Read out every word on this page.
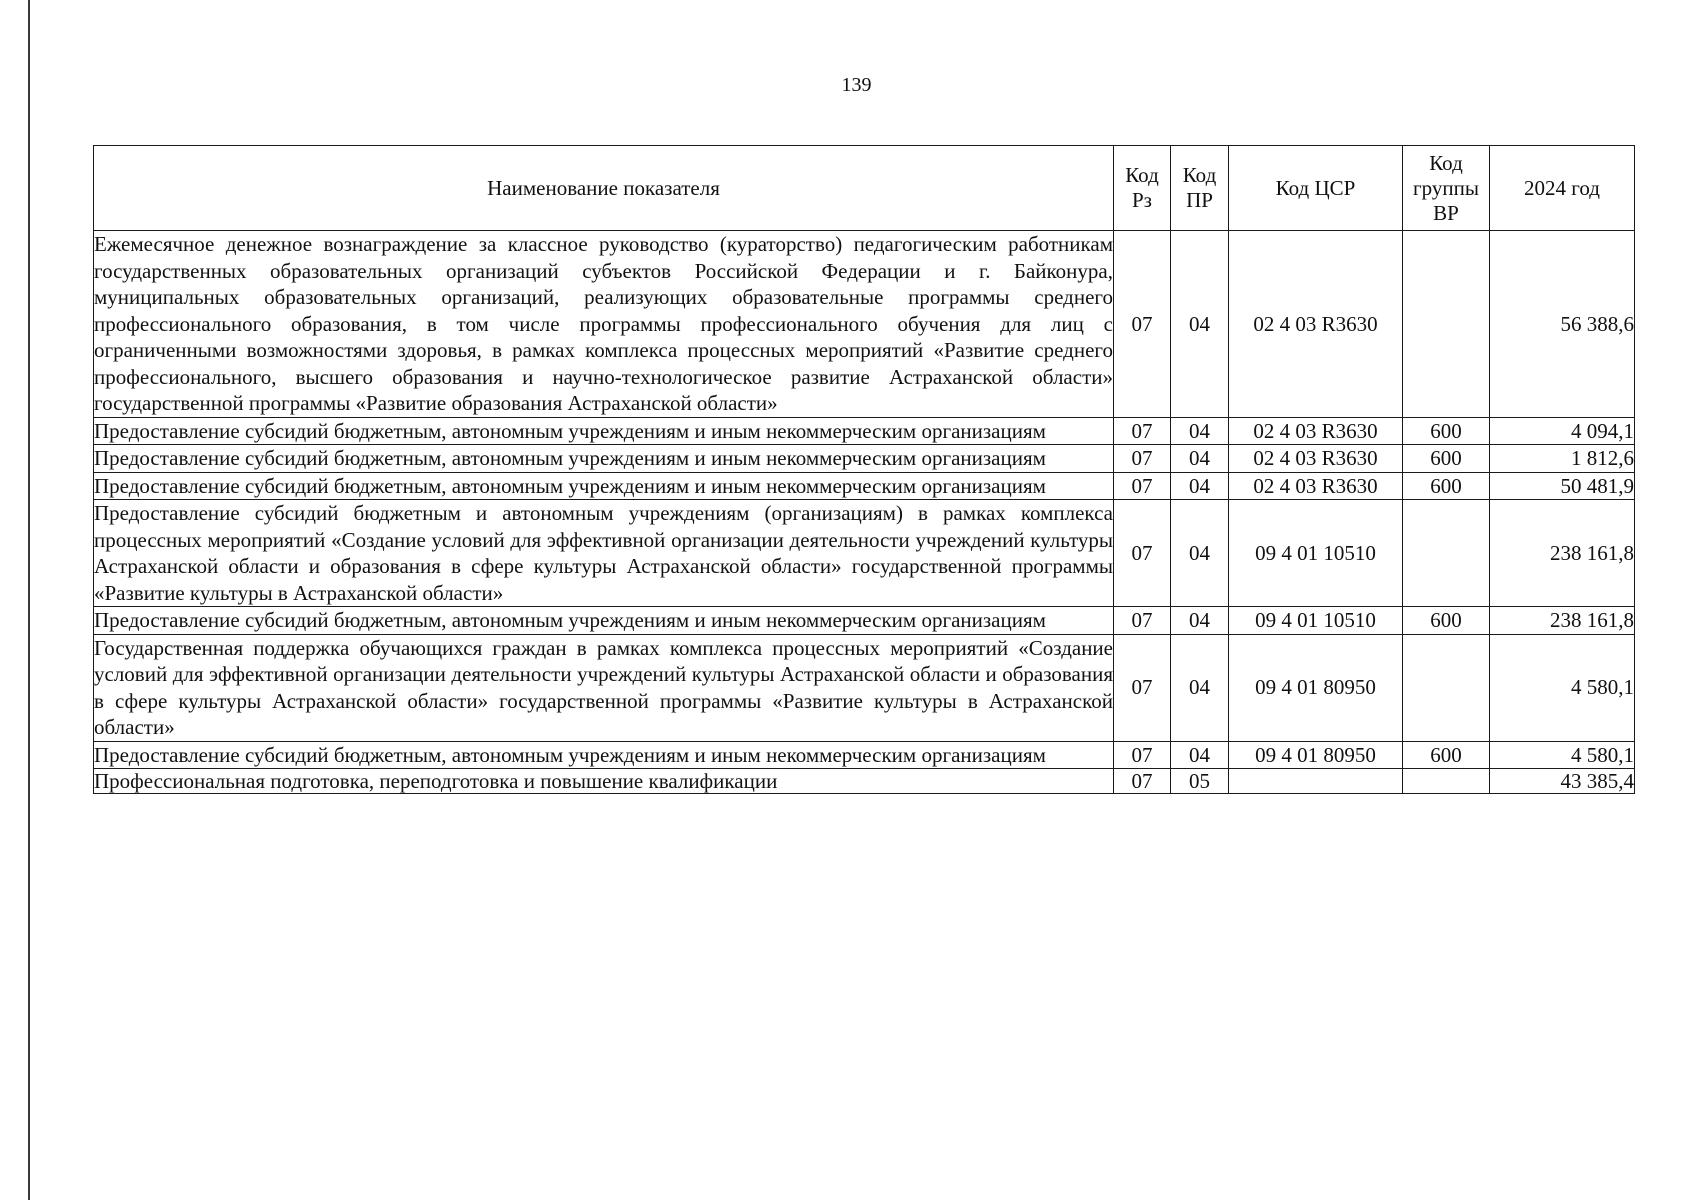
139
Наименование показателя	Код Рз	Код ПР	Код ЦСР	Код группы ВР	2024 год
Ежемесячное денежное вознаграждение за классное руководство (кураторство) педагогическим работникам государственных образовательных организаций субъектов Российской Федерации и г. Байконура, муниципальных образовательных организаций, реализующих образовательные программы среднего профессионального образования, в том числе программы профессионального обучения для лиц с ограниченными возможностями здоровья, в рамках комплекса процессных мероприятий «Развитие среднего профессионального, высшего образования и научно-технологическое развитие Астраханской области» государственной программы «Развитие образования Астраханской области»	07	04	02 4 03 R3630		56 388,6
Предоставление субсидий бюджетным, автономным учреждениям и иным некоммерческим организациям	07	04	02 4 03 R3630	600	4 094,1
Предоставление субсидий бюджетным, автономным учреждениям и иным некоммерческим организациям	07	04	02 4 03 R3630	600	1 812,6
Предоставление субсидий бюджетным, автономным учреждениям и иным некоммерческим организациям	07	04	02 4 03 R3630	600	50 481,9
Предоставление субсидий бюджетным и автономным учреждениям (организациям) в рамках комплекса процессных мероприятий «Создание условий для эффективной организации деятельности учреждений культуры Астраханской области и образования в сфере культуры Астраханской области» государственной программы «Развитие культуры в Астраханской области»	07	04	09 4 01 10510		238 161,8
Предоставление субсидий бюджетным, автономным учреждениям и иным некоммерческим организациям	07	04	09 4 01 10510	600	238 161,8
Государственная поддержка обучающихся граждан в рамках комплекса процессных мероприятий «Создание условий для эффективной организации деятельности учреждений культуры Астраханской области и образования в сфере культуры Астраханской области» государственной программы «Развитие культуры в Астраханской области»	07	04	09 4 01 80950		4 580,1
Предоставление субсидий бюджетным, автономным учреждениям и иным некоммерческим организациям	07	04	09 4 01 80950	600	4 580,1
Профессиональная подготовка, переподготовка и повышение квалификации	07	05			43 385,4
